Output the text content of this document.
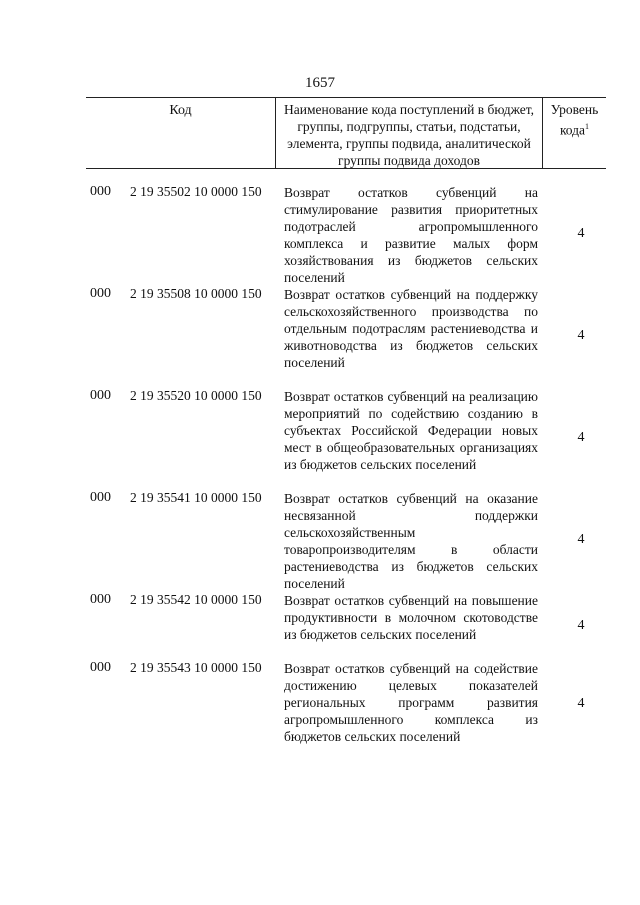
1657
Код	Наименование кода поступлений в бюджет, группы, подгруппы, статьи, подстатьи, элемента, группы подвида, аналитической группы подвида доходов
Уровень кода$^1$
000 2 19 35502 10 0000 150 Возврат остатков субвенций на стимулирование развития приоритетных подотраслей агропромышленного комплекса и развитие малых форм хозяйствования из бюджетов сельских поселений
4
000 2 19 35508 10 0000 150 Возврат остатков субвенций на поддержку сельскохозяйственного производства по отдельным подотраслям растениеводства и животноводства из бюджетов сельских поселений
4
000 2 19 35520 10 0000 150 Возврат остатков субвенций на реализацию мероприятий по содействию созданию в субъектах Российской Федерации новых мест в общеобразовательных организациях из бюджетов сельских поселений
4
000 2 19 35541 10 0000 150 Возврат остатков субвенций на оказание несвязанной поддержки сельскохозяйственным товаропроизводителям в области растениеводства из бюджетов сельских поселений
4
000 2 19 35542 10 0000 150 Возврат остатков субвенций на повышение продуктивности в молочном скотоводстве из бюджетов сельских поселений
4
000 2 19 35543 10 0000 150 Возврат остатков субвенций на содействие достижению целевых показателей региональных программ развития агропромышленного комплекса из бюджетов сельских поселений
4
